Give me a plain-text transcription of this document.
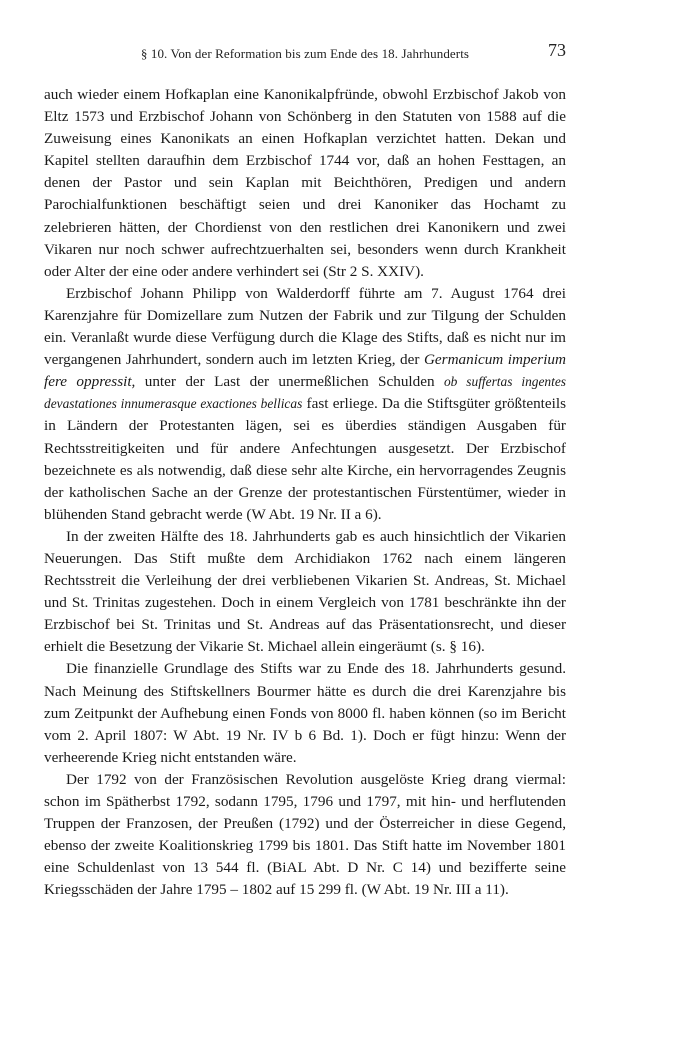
§ 10. Von der Reformation bis zum Ende des 18. Jahrhunderts	73

auch wieder einem Hofkaplan eine Kanonikalpfründe, obwohl Erzbischof Jakob von Eltz 1573 und Erzbischof Johann von Schönberg in den Statuten von 1588 auf die Zuweisung eines Kanonikats an einen Hofkaplan verzichtet hatten. Dekan und Kapitel stellten daraufhin dem Erzbischof 1744 vor, daß an hohen Festtagen, an denen der Pastor und sein Kaplan mit Beichthören, Predigen und andern Parochialfunktionen beschäftigt seien und drei Kanoniker das Hochamt zu zelebrieren hätten, der Chordienst von den restlichen drei Kanonikern und zwei Vikaren nur noch schwer aufrechtzuerhalten sei, besonders wenn durch Krankheit oder Alter der eine oder andere verhindert sei (Str 2 S. XXIV).

Erzbischof Johann Philipp von Walderdorff führte am 7. August 1764 drei Karenzjahre für Domizellare zum Nutzen der Fabrik und zur Tilgung der Schulden ein. Veranlaßt wurde diese Verfügung durch die Klage des Stifts, daß es nicht nur im vergangenen Jahrhundert, sondern auch im letzten Krieg, der Germanicum imperium fere oppressit, unter der Last der unermeßlichen Schulden ob suffertas ingentes devastationes innumerasque exactiones bellicas fast erliege. Da die Stiftsgüter größtenteils in Ländern der Protestanten lägen, sei es überdies ständigen Ausgaben für Rechtsstreitigkeiten und für andere Anfechtungen ausgesetzt. Der Erzbischof bezeichnete es als notwendig, daß diese sehr alte Kirche, ein hervorragendes Zeugnis der katholischen Sache an der Grenze der protestantischen Fürstentümer, wieder in blühenden Stand gebracht werde (W Abt. 19 Nr. II a 6).

In der zweiten Hälfte des 18. Jahrhunderts gab es auch hinsichtlich der Vikarien Neuerungen. Das Stift mußte dem Archidiakon 1762 nach einem längeren Rechtsstreit die Verleihung der drei verbliebenen Vikarien St. Andreas, St. Michael und St. Trinitas zugestehen. Doch in einem Vergleich von 1781 beschränkte ihn der Erzbischof bei St. Trinitas und St. Andreas auf das Präsentationsrecht, und dieser erhielt die Besetzung der Vikarie St. Michael allein eingeräumt (s. § 16).

Die finanzielle Grundlage des Stifts war zu Ende des 18. Jahrhunderts gesund. Nach Meinung des Stiftskellners Bourmer hätte es durch die drei Karenzjahre bis zum Zeitpunkt der Aufhebung einen Fonds von 8000 fl. haben können (so im Bericht vom 2. April 1807: W Abt. 19 Nr. IV b 6 Bd. 1). Doch er fügt hinzu: Wenn der verheerende Krieg nicht entstanden wäre.

Der 1792 von der Französischen Revolution ausgelöste Krieg drang viermal: schon im Spätherbst 1792, sodann 1795, 1796 und 1797, mit hin- und herflutenden Truppen der Franzosen, der Preußen (1792) und der Österreicher in diese Gegend, ebenso der zweite Koalitionskrieg 1799 bis 1801. Das Stift hatte im November 1801 eine Schuldenlast von 13 544 fl. (BiAL Abt. D Nr. C 14) und bezifferte seine Kriegsschäden der Jahre 1795 – 1802 auf 15 299 fl. (W Abt. 19 Nr. III a 11).
